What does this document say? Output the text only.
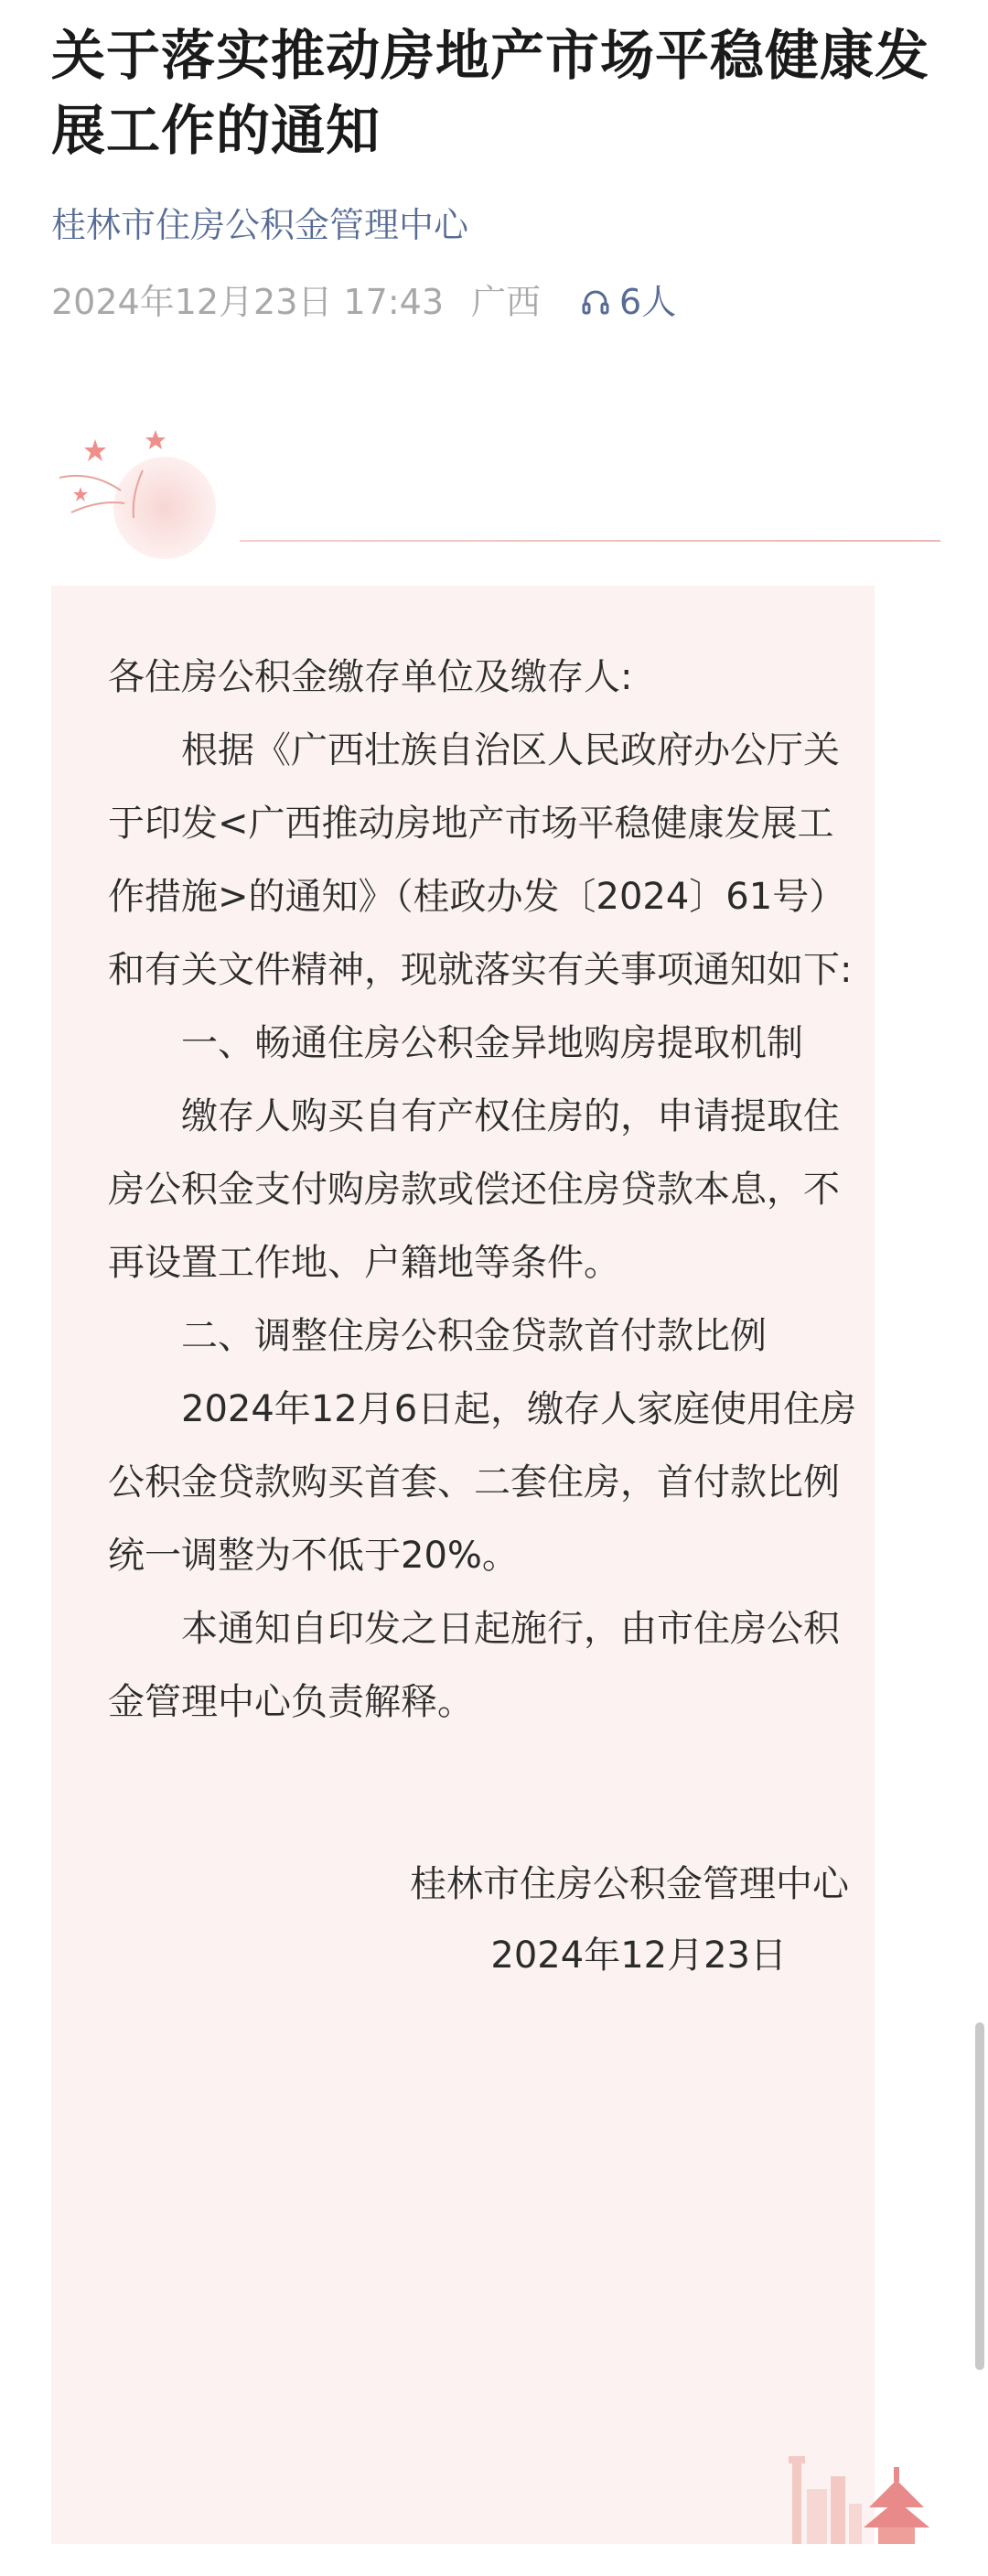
关于落实推动房地产市场平稳健康发展工作的通知
桂林市住房公积金管理中心
2024年12月23日 17:43 广西 6人

各住房公积金缴存单位及缴存人:

根据《广西壮族自治区人民政府办公厅关于印发<广西推动房地产市场平稳健康发展工作措施>的通知》（桂政办发〔2024〕61号）和有关文件精神，现就落实有关事项通知如下:

一、畅通住房公积金异地购房提取机制

缴存人购买自有产权住房的，申请提取住房公积金支付购房款或偿还住房贷款本息，不再设置工作地、户籍地等条件。

二、调整住房公积金贷款首付款比例

2024年12月6日起，缴存人家庭使用住房公积金贷款购买首套、二套住房，首付款比例统一调整为不低于20%。

本通知自印发之日起施行，由市住房公积金管理中心负责解释。

桂林市住房公积金管理中心

2024年12月23日
